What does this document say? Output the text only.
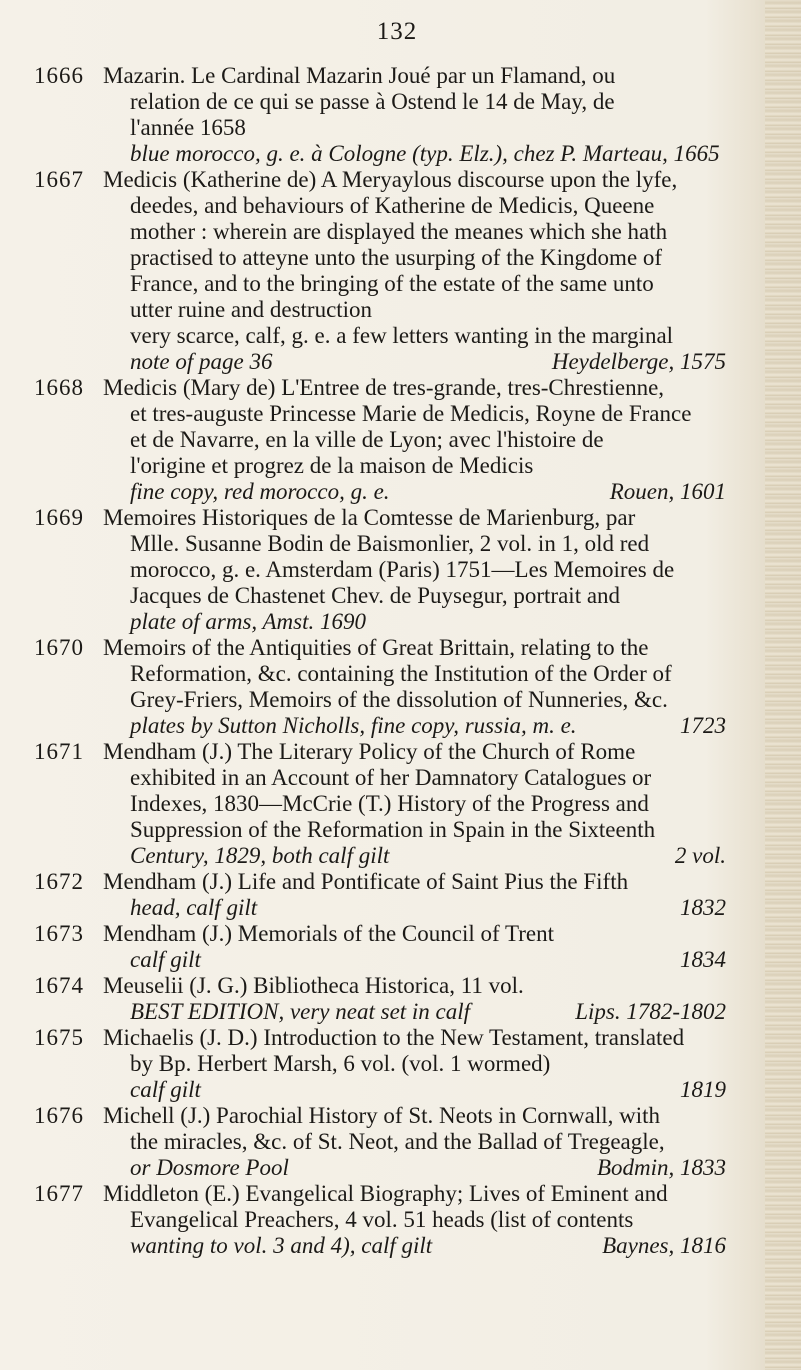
132
1666 Mazarin. Le Cardinal Mazarin Joué par un Flamand, ou
relation de ce qui se passe à Ostend le 14 de May, de
l'année 1658
blue morocco, g. e. à Cologne (typ. Elz.), chez P. Marteau, 1665
1667 Medicis (Katherine de) A Meryaylous discourse upon the lyfe,
deedes, and behaviours of Katherine de Medicis, Queene
mother : wherein are displayed the meanes which she hath
practised to atteyne unto the usurping of the Kingdome of
France, and to the bringing of the estate of the same unto
utter ruine and destruction
very scarce, calf, g. e. a few letters wanting in the marginal
note of page 36	Heydelberge, 1575
1668 Medicis (Mary de) L'Entree de tres-grande, tres-Chrestienne,
et tres-auguste Princesse Marie de Medicis, Royne de France
et de Navarre, en la ville de Lyon; avec l'histoire de
l'origine et progrez de la maison de Medicis
fine copy, red morocco, g. e.	Rouen, 1601
1669 Memoires Historiques de la Comtesse de Marienburg, par
Mlle. Susanne Bodin de Baismonlier, 2 vol. in 1, old red
morocco, g. e. Amsterdam (Paris) 1751—Les Memoires de
Jacques de Chastenet Chev. de Puysegur, portrait and
plate of arms, Amst. 1690
1670 Memoirs of the Antiquities of Great Brittain, relating to the
Reformation, &c. containing the Institution of the Order of
Grey-Friers, Memoirs of the dissolution of Nunneries, &c.
plates by Sutton Nicholls, fine copy, russia, m. e.	1723
1671 Mendham (J.) The Literary Policy of the Church of Rome
exhibited in an Account of her Damnatory Catalogues or
Indexes, 1830—McCrie (T.) History of the Progress and
Suppression of the Reformation in Spain in the Sixteenth
Century, 1829, both calf gilt	2 vol.
1672 Mendham (J.) Life and Pontificate of Saint Pius the Fifth
head, calf gilt	1832
1673 Mendham (J.) Memorials of the Council of Trent
calf gilt	1834
1674 Meuselii (J. G.) Bibliotheca Historica, 11 vol.
BEST EDITION, very neat set in calf	Lips. 1782-1802
1675 Michaelis (J. D.) Introduction to the New Testament, translated
by Bp. Herbert Marsh, 6 vol. (vol. 1 wormed)
calf gilt	1819
1676 Michell (J.) Parochial History of St. Neots in Cornwall, with
the miracles, &c. of St. Neot, and the Ballad of Tregeagle,
or Dosmore Pool	Bodmin, 1833
1677 Middleton (E.) Evangelical Biography; Lives of Eminent and
Evangelical Preachers, 4 vol. 51 heads (list of contents
wanting to vol. 3 and 4), calf gilt	Baynes, 1816
